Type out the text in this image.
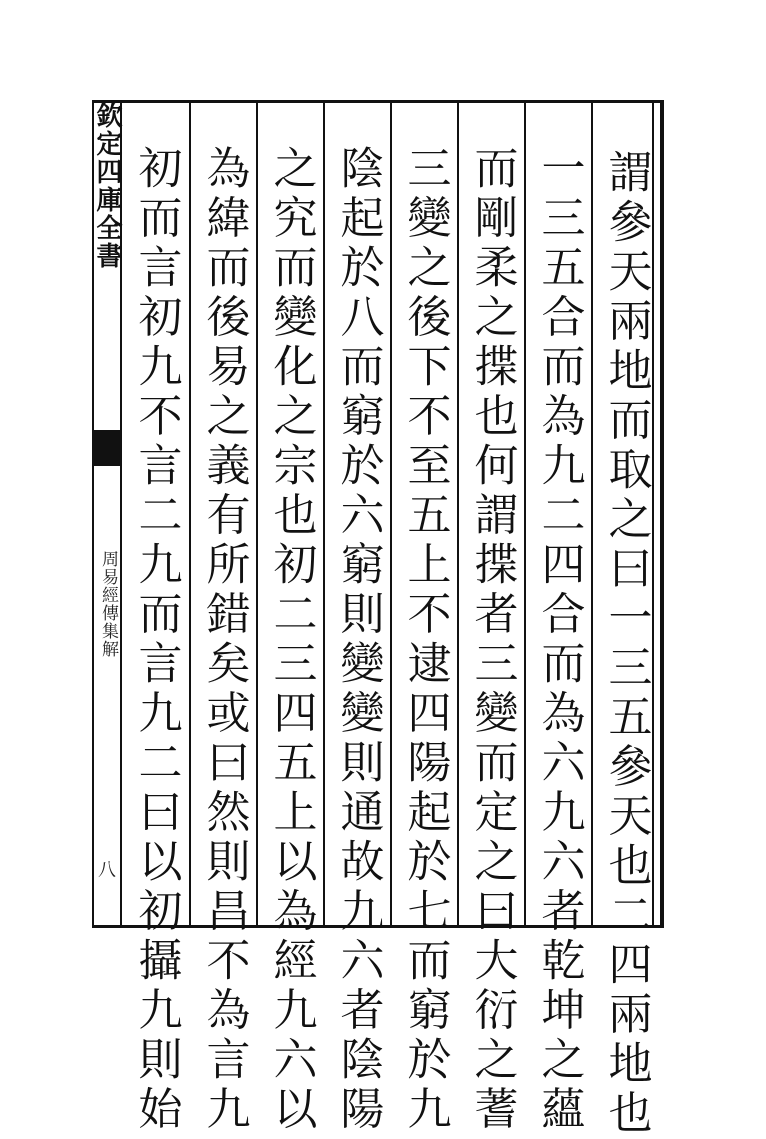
欽定四庫全書
周易經傳集解
八	謂參天兩地而取之曰一三五參天也二四兩地也
一三五合而為九二四合而為六九六者乾坤之蘊
而剛柔之揲也何謂揲者三變而定之曰大衍之蓍
三變之後下不至五上不逮四陽起於七而窮於九
陰起於八而窮於六窮則變變則通故九六者陰陽
之究而變化之宗也初二三四五上以為經九六以
為緯而後易之義有所錯矣或曰然則昌不為言九
初而言初九不言二九而言九二曰以初攝九則始
